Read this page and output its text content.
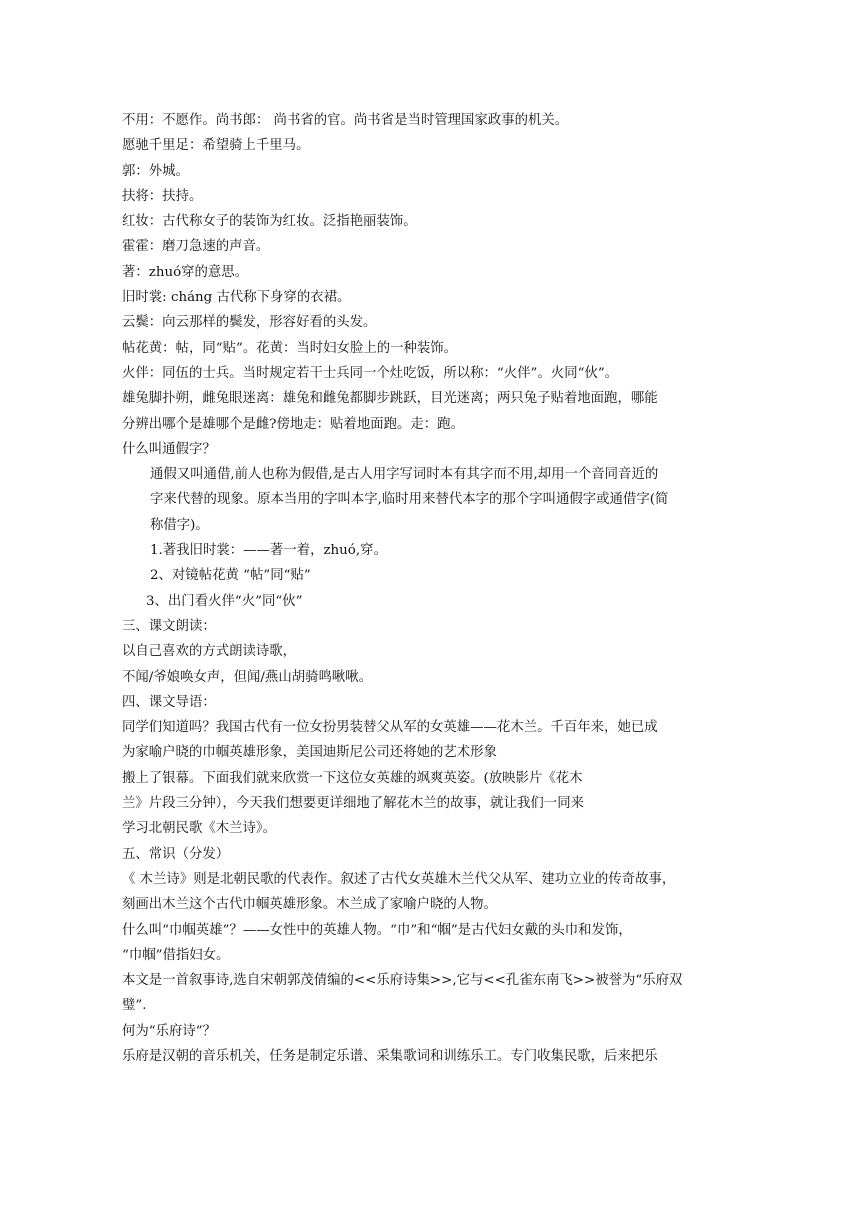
不用：不愿作。尚书郎： 尚书省的官。尚书省是当时管理国家政事的机关。
愿驰千里足：希望骑上千里马。
郭：外城。
扶将：扶持。
红妆：古代称女子的装饰为红妆。泛指艳丽装饰。
霍霍：磨刀急速的声音。
著：zhuó穿的意思。
旧时裳: cháng 古代称下身穿的衣裙。
云鬓：向云那样的鬓发，形容好看的头发。
帖花黄：帖，同“贴”。花黄：当时妇女脸上的一种装饰。
火伴：同伍的士兵。当时规定若干士兵同一个灶吃饭，所以称：“火伴”。火同“伙”。
雄兔脚扑朔，雌兔眼迷离：雄兔和雌兔都脚步跳跃，目光迷离；两只兔子贴着地面跑，哪能
分辨出哪个是雄哪个是雌?傍地走：贴着地面跑。走：跑。
什么叫通假字？
通假又叫通借,前人也称为假借,是古人用字写词时本有其字而不用,却用一个音同音近的
字来代替的现象。原本当用的字叫本字,临时用来替代本字的那个字叫通假字或通借字(简
称借字)。
1.著我旧时裳：——著一着，zhuó,穿。
2、对镜帖花黄 “帖”同“贴”
3、出门看火伴“火”同“伙”
三、课文朗读：
以自己喜欢的方式朗读诗歌，
不闻/爷娘唤女声，但闻/燕山胡骑鸣啾啾。
四、课文导语：
同学们知道吗？我国古代有一位女扮男装替父从军的女英雄——花木兰。千百年来，她已成
为家喻户晓的巾帼英雄形象，美国迪斯尼公司还将她的艺术形象
搬上了银幕。下面我们就来欣赏一下这位女英雄的飒爽英姿。(放映影片《花木
兰》片段三分钟），今天我们想要更详细地了解花木兰的故事，就让我们一同来
学习北朝民歌《木兰诗》。
五、常识（分发）
《 木兰诗》则是北朝民歌的代表作。叙述了古代女英雄木兰代父从军、建功立业的传奇故事，
刻画出木兰这个古代巾帼英雄形象。木兰成了家喻户晓的人物。
什么叫“巾帼英雄”？——女性中的英雄人物。“巾”和“帼”是古代妇女戴的头巾和发饰，
“巾帼”借指妇女。
本文是一首叙事诗,选自宋朝郭茂倩编的<<乐府诗集>>,它与<<孔雀东南飞>>被誉为“乐府双
璧”.
何为“乐府诗”？
乐府是汉朝的音乐机关，任务是制定乐谱、采集歌词和训练乐工。专门收集民歌，后来把乐
